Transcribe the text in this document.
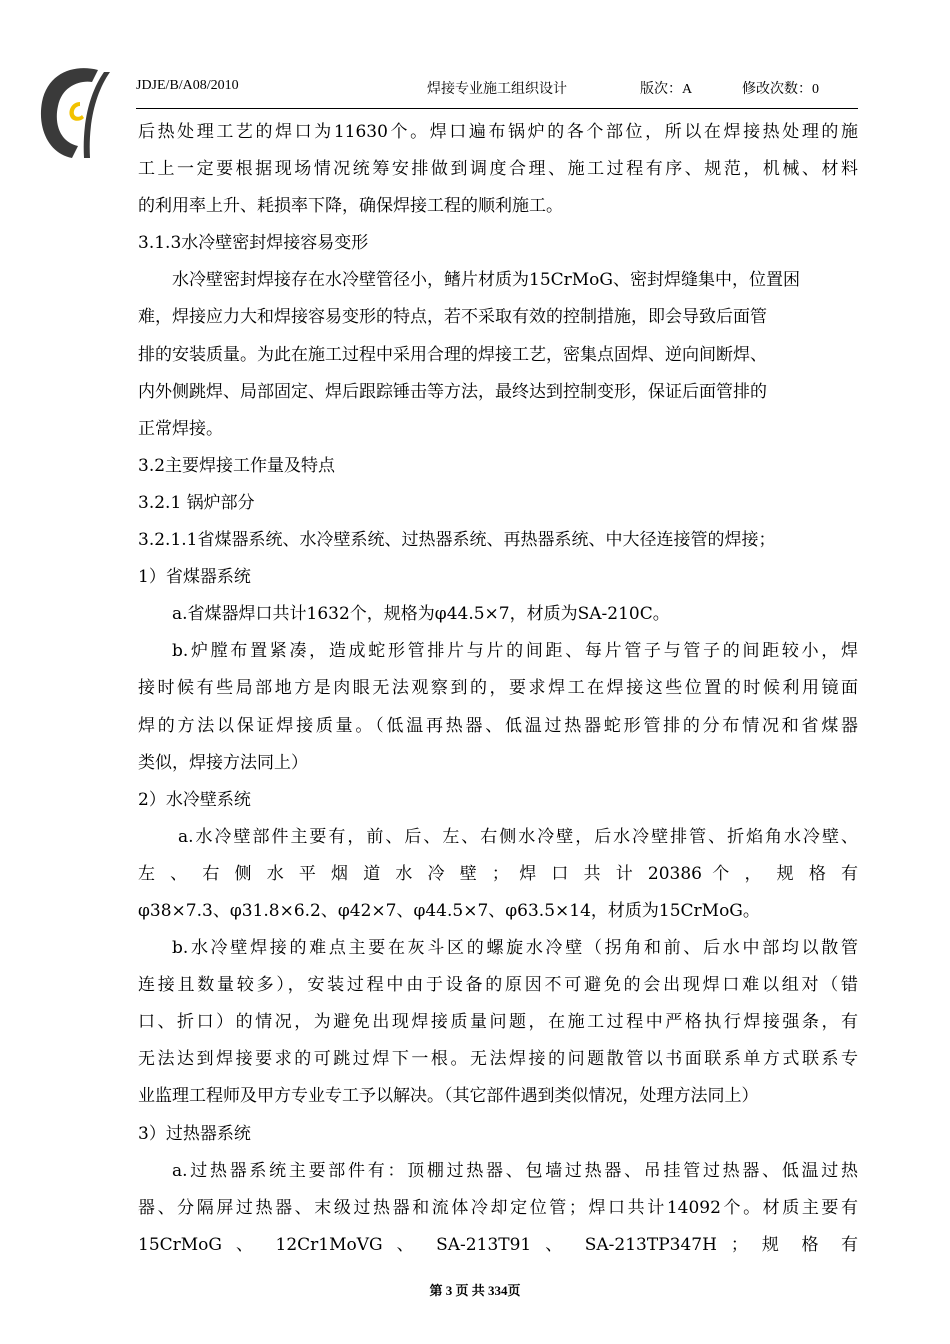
JDJE/B/A08/2010	焊接专业施工组织设计	版次：A	修改次数：0
后热处理工艺的焊口为11630个。焊口遍布锅炉的各个部位，所以在焊接热处理的施
工上一定要根据现场情况统筹安排做到调度合理、施工过程有序、规范，机械、材料
的利用率上升、耗损率下降，确保焊接工程的顺利施工。
3.1.3水冷壁密封焊接容易变形
水冷壁密封焊接存在水冷壁管径小，鳍片材质为15CrMoG、密封焊缝集中，位置困
难，焊接应力大和焊接容易变形的特点，若不采取有效的控制措施，即会导致后面管
排的安装质量。为此在施工过程中采用合理的焊接工艺，密集点固焊、逆向间断焊、
内外侧跳焊、局部固定、焊后跟踪锤击等方法，最终达到控制变形，保证后面管排的
正常焊接。
3.2主要焊接工作量及特点
3.2.1 锅炉部分
3.2.1.1省煤器系统、水冷壁系统、过热器系统、再热器系统、中大径连接管的焊接；
1）省煤器系统
a.省煤器焊口共计1632个，规格为φ44.5×7，材质为SA-210C。
b.炉膛布置紧凑，造成蛇形管排片与片的间距、每片管子与管子的间距较小，焊
接时候有些局部地方是肉眼无法观察到的，要求焊工在焊接这些位置的时候利用镜面
焊的方法以保证焊接质量。（低温再热器、低温过热器蛇形管排的分布情况和省煤器
类似，焊接方法同上）
2）水冷壁系统
a.水冷壁部件主要有，前、后、左、右侧水冷壁，后水冷壁排管、折焰角水冷壁、
左 、 右 侧 水 平 烟 道 水 冷 壁 ； 焊 口 共 计 20386 个 ， 规 格 有
φ38×7.3、φ31.8×6.2、φ42×7、φ44.5×7、φ63.5×14，材质为15CrMoG。
b.水冷壁焊接的难点主要在灰斗区的螺旋水冷壁（拐角和前、后水中部均以散管
连接且数量较多），安装过程中由于设备的原因不可避免的会出现焊口难以组对（错
口、折口）的情况，为避免出现焊接质量问题，在施工过程中严格执行焊接强条，有
无法达到焊接要求的可跳过焊下一根。无法焊接的问题散管以书面联系单方式联系专
业监理工程师及甲方专业专工予以解决。（其它部件遇到类似情况，处理方法同上）
3）过热器系统
a.过热器系统主要部件有：顶棚过热器、包墙过热器、吊挂管过热器、低温过热
器、分隔屏过热器、末级过热器和流体冷却定位管；焊口共计14092个。材质主要有
15CrMoG 、 12Cr1MoVG 、 SA-213T91 、 SA-213TP347H ； 规 格 有
第 3 页 共 334页
